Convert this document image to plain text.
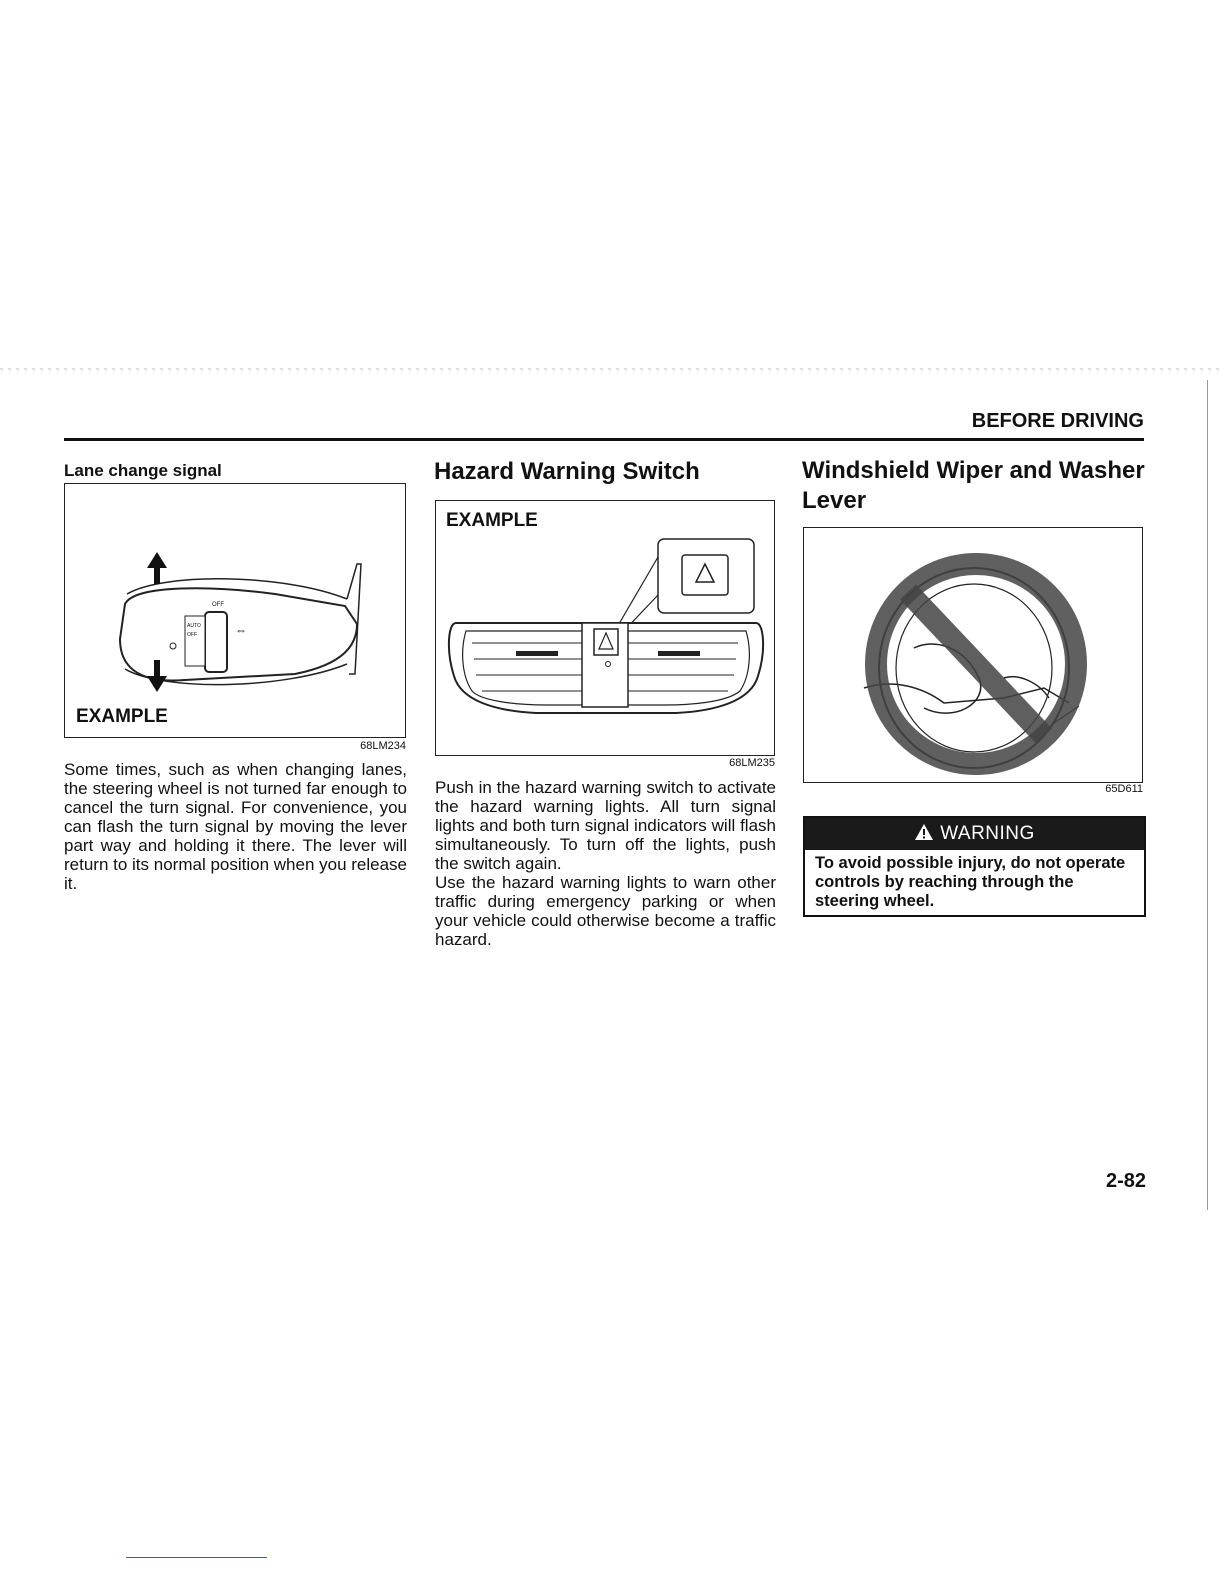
BEFORE DRIVING
Lane change signal
⇔
OFF
AUTO
OFF
EXAMPLE
68LM234
Some times, such as when changing lanes, the steering wheel is not turned far enough to cancel the turn signal. For convenience, you can flash the turn signal by moving the lever part way and holding it there. The lever will return to its normal position when you release it.
Hazard Warning Switch
EXAMPLE
68LM235
Push in the hazard warning switch to activate the hazard warning lights. All turn signal lights and both turn signal indicators will flash simultaneously. To turn off the lights, push the switch again.
Use the hazard warning lights to warn other traffic during emergency parking or when your vehicle could otherwise become a traffic hazard.
Windshield Wiper and Washer Lever
65D611
WARNING
To avoid possible injury, do not operate controls by reaching through the steering wheel.
2-82
